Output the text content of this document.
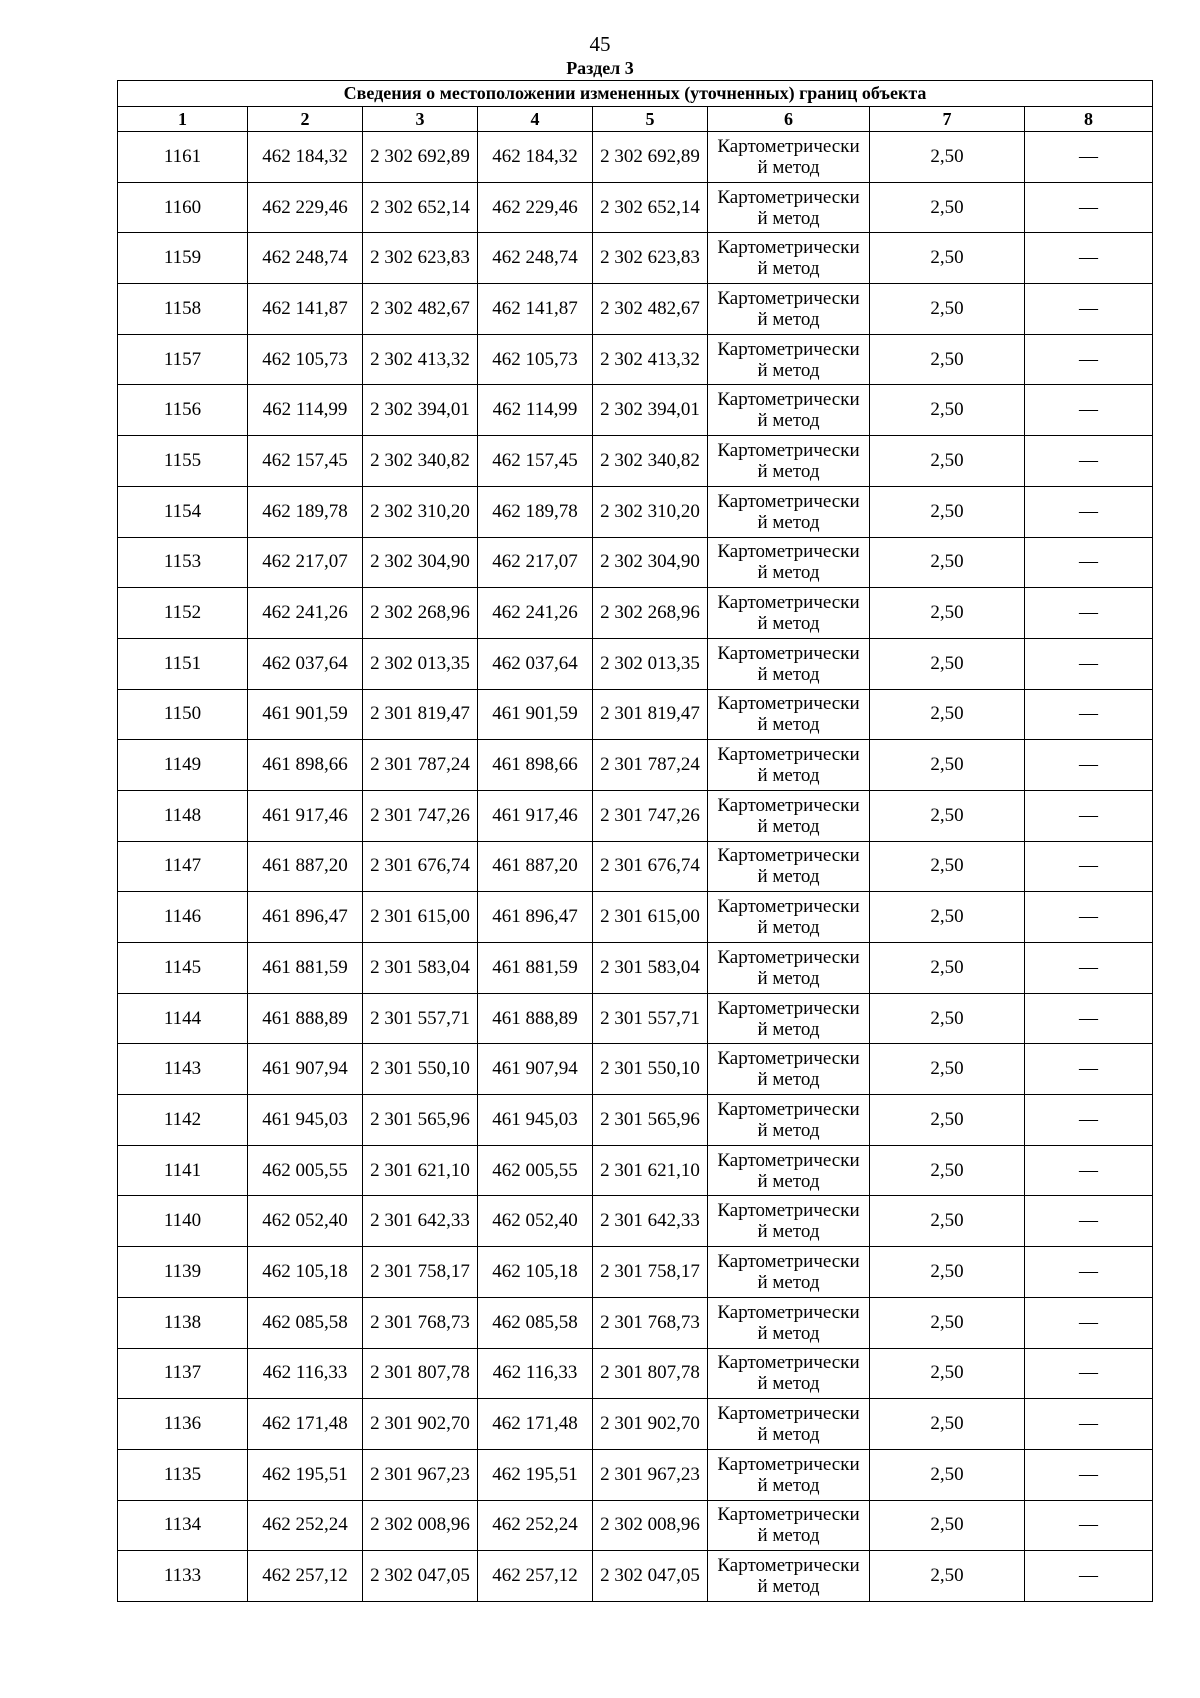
45
Раздел 3
Сведения о местоположении измененных (уточненных) границ объекта							
1	2	3	4	5	6	7	8
1161	462 184,32	2 302 692,89	462 184,32	2 302 692,89	Картометрически
й метод	2,50	—
1160	462 229,46	2 302 652,14	462 229,46	2 302 652,14	Картометрически
й метод	2,50	—
1159	462 248,74	2 302 623,83	462 248,74	2 302 623,83	Картометрически
й метод	2,50	—
1158	462 141,87	2 302 482,67	462 141,87	2 302 482,67	Картометрически
й метод	2,50	—
1157	462 105,73	2 302 413,32	462 105,73	2 302 413,32	Картометрически
й метод	2,50	—
1156	462 114,99	2 302 394,01	462 114,99	2 302 394,01	Картометрически
й метод	2,50	—
1155	462 157,45	2 302 340,82	462 157,45	2 302 340,82	Картометрически
й метод	2,50	—
1154	462 189,78	2 302 310,20	462 189,78	2 302 310,20	Картометрически
й метод	2,50	—
1153	462 217,07	2 302 304,90	462 217,07	2 302 304,90	Картометрически
й метод	2,50	—
1152	462 241,26	2 302 268,96	462 241,26	2 302 268,96	Картометрически
й метод	2,50	—
1151	462 037,64	2 302 013,35	462 037,64	2 302 013,35	Картометрически
й метод	2,50	—
1150	461 901,59	2 301 819,47	461 901,59	2 301 819,47	Картометрически
й метод	2,50	—
1149	461 898,66	2 301 787,24	461 898,66	2 301 787,24	Картометрически
й метод	2,50	—
1148	461 917,46	2 301 747,26	461 917,46	2 301 747,26	Картометрически
й метод	2,50	—
1147	461 887,20	2 301 676,74	461 887,20	2 301 676,74	Картометрически
й метод	2,50	—
1146	461 896,47	2 301 615,00	461 896,47	2 301 615,00	Картометрически
й метод	2,50	—
1145	461 881,59	2 301 583,04	461 881,59	2 301 583,04	Картометрически
й метод	2,50	—
1144	461 888,89	2 301 557,71	461 888,89	2 301 557,71	Картометрически
й метод	2,50	—
1143	461 907,94	2 301 550,10	461 907,94	2 301 550,10	Картометрически
й метод	2,50	—
1142	461 945,03	2 301 565,96	461 945,03	2 301 565,96	Картометрически
й метод	2,50	—
1141	462 005,55	2 301 621,10	462 005,55	2 301 621,10	Картометрически
й метод	2,50	—
1140	462 052,40	2 301 642,33	462 052,40	2 301 642,33	Картометрически
й метод	2,50	—
1139	462 105,18	2 301 758,17	462 105,18	2 301 758,17	Картометрически
й метод	2,50	—
1138	462 085,58	2 301 768,73	462 085,58	2 301 768,73	Картометрически
й метод	2,50	—
1137	462 116,33	2 301 807,78	462 116,33	2 301 807,78	Картометрически
й метод	2,50	—
1136	462 171,48	2 301 902,70	462 171,48	2 301 902,70	Картометрически
й метод	2,50	—
1135	462 195,51	2 301 967,23	462 195,51	2 301 967,23	Картометрически
й метод	2,50	—
1134	462 252,24	2 302 008,96	462 252,24	2 302 008,96	Картометрически
й метод	2,50	—
1133	462 257,12	2 302 047,05	462 257,12	2 302 047,05	Картометрически
й метод	2,50	—
